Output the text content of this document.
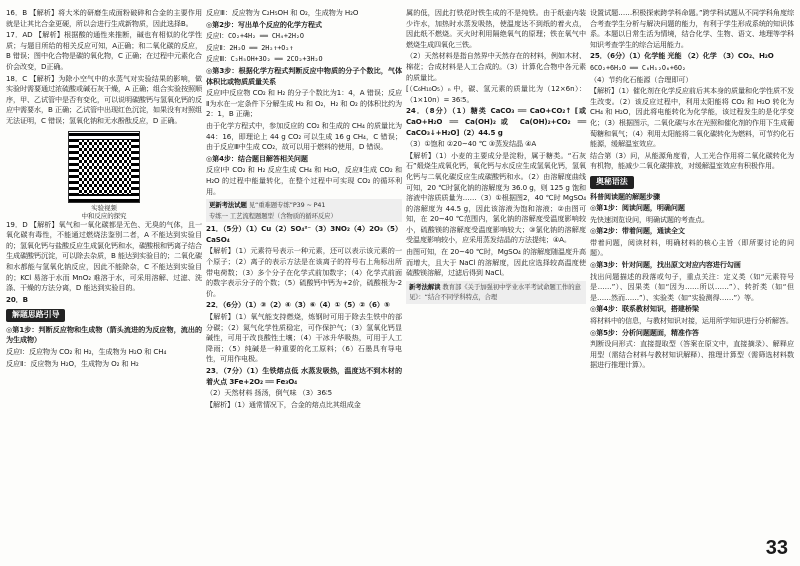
16．B 【解析】将大米的研磨生成面粉破碎和合金的主要作用就是让其比合金更硬，所以会进行生成新物质，因此选择B。

17．AD 【解析】根据酸的通性来推断，碱也有相似的化学性质；与题目所给的相关反应可知，A正确；和二氧化碳的反应，B 错误；图中化合物是碳的氧化物，C 正确；在过程中元素化合价会改变，D正确。

18．C 【解析】为除小空气中的水蒸气对实验结果的影响，做实验时需要通过浓硫酸或碱石灰干燥，A 正确；组合实验按照顺序，甲、乙试管中是否有变化，可以说明碳酸钙与氢氧化钙的反应中需要水，B 正确；乙试管中出现红色沉淀，如果没有对照组无法证明，C 错误；氢氧化钠和无水酚酞反应，D 正确。

实验视频
中和反应的探究

19．D 【解析】氧气和一氧化碳都是无色、无臭的气体，且一氧化碳有毒性，不能通过燃烧法鉴别二者，A 不能达到实验目的；氢氧化钙与盐酸反应生成氯化钙和水，碳酸根和钙离子结合生成碳酸钙沉淀，可以除去杂质，B 能达到实验目的；二氧化碳和水都能与氢氧化钠反应，因此不能除杂，C 不能达到实验目的；KCl 易溶于水而 MnO₂ 难溶于水，可采用溶解、过滤、洗涤、干燥的方法分离，D 能达到实验目的。

20．B

解题思路引导

◎第1步：判断反应物和生成物（箭头流进的为反应物，流出的为生成物）

反应Ⅰ：反应物为 CO₂ 和 H₂，生成物为 H₂O 和 CH₄

反应Ⅱ：反应物为 H₂O，生成物为 O₂ 和 H₂

反应Ⅲ：反应物为 C₂H₅OH 和 O₂，生成物为 H₂O

◎第2步：写出单个反应的化学方程式

反应Ⅰ：CO₂+4H₂ ══ CH₄+2H₂O

反应Ⅱ：2H₂O ══ 2H₂↑+O₂↑

反应Ⅲ：C₂H₅OH+3O₂ ══ 2CO₂+3H₂O

◎第3步：根据化学方程式判断反应中物质的分子个数比，气体体积比或物质质量关系

反应Ⅰ中反应物 CO₂ 和 H₂ 的分子个数比为1：4，A 错误；反应Ⅱ为水在一定条件下分解生成 H₂ 和 O₂，H₂ 和 O₂ 的体积比约为 2：1，B 正确；

由于化学方程式中，参加反应的 CO₂ 和生成的 CH₄ 的质量比为 44：16，即理论上 44 g CO₂ 可以生成 16 g CH₄，C 错误；由于反应Ⅲ中生成 CO₂，故可以用于燃料的使用，D 错误。

◎第4步：结合题目解答相关问题

反应Ⅰ中 CO₂ 和 H₂ 反应生成 CH₄ 和 H₂O，反应Ⅱ生成 CO₂ 和 H₂O 的过程中能量转化，在整个过程中可实现 CO₂ 的循环利用。

更新考法试题 见“重难题专练”P39 ~ P41
专练一 工艺流程题题型（含物质的循环反应）

21．（5分）（1）Cu（2）SO₄²⁻（3）3NO₂（4）2O₃（5）CaSO₄

【解析】（1）元素符号表示一种元素，还可以表示该元素的一个原子；（2）离子的表示方法是在该离子的符号右上角标出所带电荷数；（3）多个分子在化学式前加数字；（4）化学式前面的数字表示分子的个数；（5）硫酸钙中钙为+2价，硫酸根为-2价。

22．（6分）（1）③（2）④（3）⑥（4）①（5）②（6）⑤

【解析】（1）氧气能支持燃烧，炼钢时可用于除去生铁中的部分碳；（2）氮气化学性质稳定，可作保护气；（3）氢氧化钙显碱性，可用于改良酸性土壤；（4）干冰升华吸热，可用于人工降雨；（5）纯碱是一种重要的化工原料；（6）石墨具有导电性，可用作电极。

23．（7分）（1）生铁熔点低 水蒸发吸热，温度达不到木材的着火点 3Fe+2O₂ ══ Fe₃O₄

（2）天然材料 扬汤，倒气味 （3）36∶5

【解析】（1）通常情况下，合金的熔点比其组成金

属的低，因此打铁花时铁生成的不是纯铁。由于纸壶内装少许水，加热时水蒸发吸热，使温度达不到纸的着火点，因此纸不燃烧。灭火时利用隔绝氧气的原理；铁在氧气中燃烧生成四氧化三铁。

（2）天然材料是指自然界中天然存在的材料，例如木材、棉花；合成材料是人工合成的。（3）计算化合物中各元素的质量比。

[（C₆H₁₀O₅）ₙ 中，碳、氢元素的质量比为（12×6n）：（1×10n）= 36∶5。

24．（8分）（1）糖类 CaCO₃ ══ CaO+CO₂↑ [或 CaO+H₂O ══ Ca(OH)₂或 Ca(OH)₂+CO₂ ══ CaCO₃↓+H₂O]（2）44.5 g

（3）①饱和 ②20~40 ℃ ③蒸发结晶 ④A

【解析】（1）小麦的主要成分是淀粉，属于糖类。“石灰石”煅烧生成氧化钙，氧化钙与水反应生成氢氧化钙，氢氧化钙与二氧化碳反应生成碳酸钙和水。（2）由溶解度曲线可知，20 ℃时氯化钠的溶解度为 36.0 g，则 125 g 饱和溶液中溶质质量为……（3）①根据图2，40 ℃时 MgSO₄ 的溶解度为 44.5 g，因此该溶液为饱和溶液；②由图可知，在 20~40 ℃范围内，氯化钠的溶解度受温度影响较小，硫酸镁的溶解度受温度影响较大；③氯化钠的溶解度受温度影响较小，应采用蒸发结晶的方法提纯；④A。

由图可知，在 20~40 ℃时，MgSO₄ 的溶解度随温度升高而增大，且大于 NaCl 的溶解度，因此应选择较高温度使硫酸镁溶解，过滤后得到 NaCl。

新考法解读 教育部《关于加强初中学业水平考试命题工作的意见》：“结合不同学科特点，合理

设置试题……积极探索跨学科命题。”跨学科试题从不同学科角度综合考查学生分析与解决问题的能力，有利于学生形成系统的知识体系。本题以日常生活为情境，结合化学、生物、语文、地理等学科知识考查学生的综合运用能力。

25．（6分）（1）化学能 光能 （2）化学 （3）CO₂、H₂O

6CO₂+6H₂O ══ C₆H₁₂O₆+6O₂

（4）节约化石能源（合理即可）

【解析】（1）催化剂在化学反应前后其本身的质量和化学性质不发生改变。（2）该反应过程中，利用太阳能将 CO₂ 和 H₂O 转化为 CH₄ 和 H₂O，因此将电能转化为化学能，该过程发生的是化学变化；（3）根据图示，二氧化碳与水在光照和催化剂的作用下生成葡萄糖和氧气；（4）利用太阳能将二氧化碳转化为燃料，可节约化石能源，缓解温室效应。

结合第（3）问，从能源角度看，人工光合作用将二氧化碳转化为有机物，能减少二氧化碳排放，对缓解温室效应有积极作用。

奥秘语法

科普阅读题的解题步骤

◎第1步：阅读问题，明确问题

先快速浏览设问，明确试题的考查点。

◎第2步：带着问题，通读全文

带着问题，阅读材料，明确材料的核心主旨（即所要讨论的问题）。

◎第3步：针对问题，找出原文对应内容进行勾画

找出问题描述的段落或句子，重点关注：定义类（如“元素符号是……”）、因果类（如“因为……所以……”）、转折类（如“但是……然而……”）、实验类（如“实验测得……”）等。

◎第4步：联系教材知识，搭建桥梁

将材料中的信息，与教材知识对接，运用所学知识进行分析解答。

◎第5步：分析问题题面，精准作答

判断设问形式：直接提取型（答案在原文中，直接摘录）、解释应用型（需结合材料与教材知识解释）、推理计算型（需筛选材料数据进行推理计算）。

33
